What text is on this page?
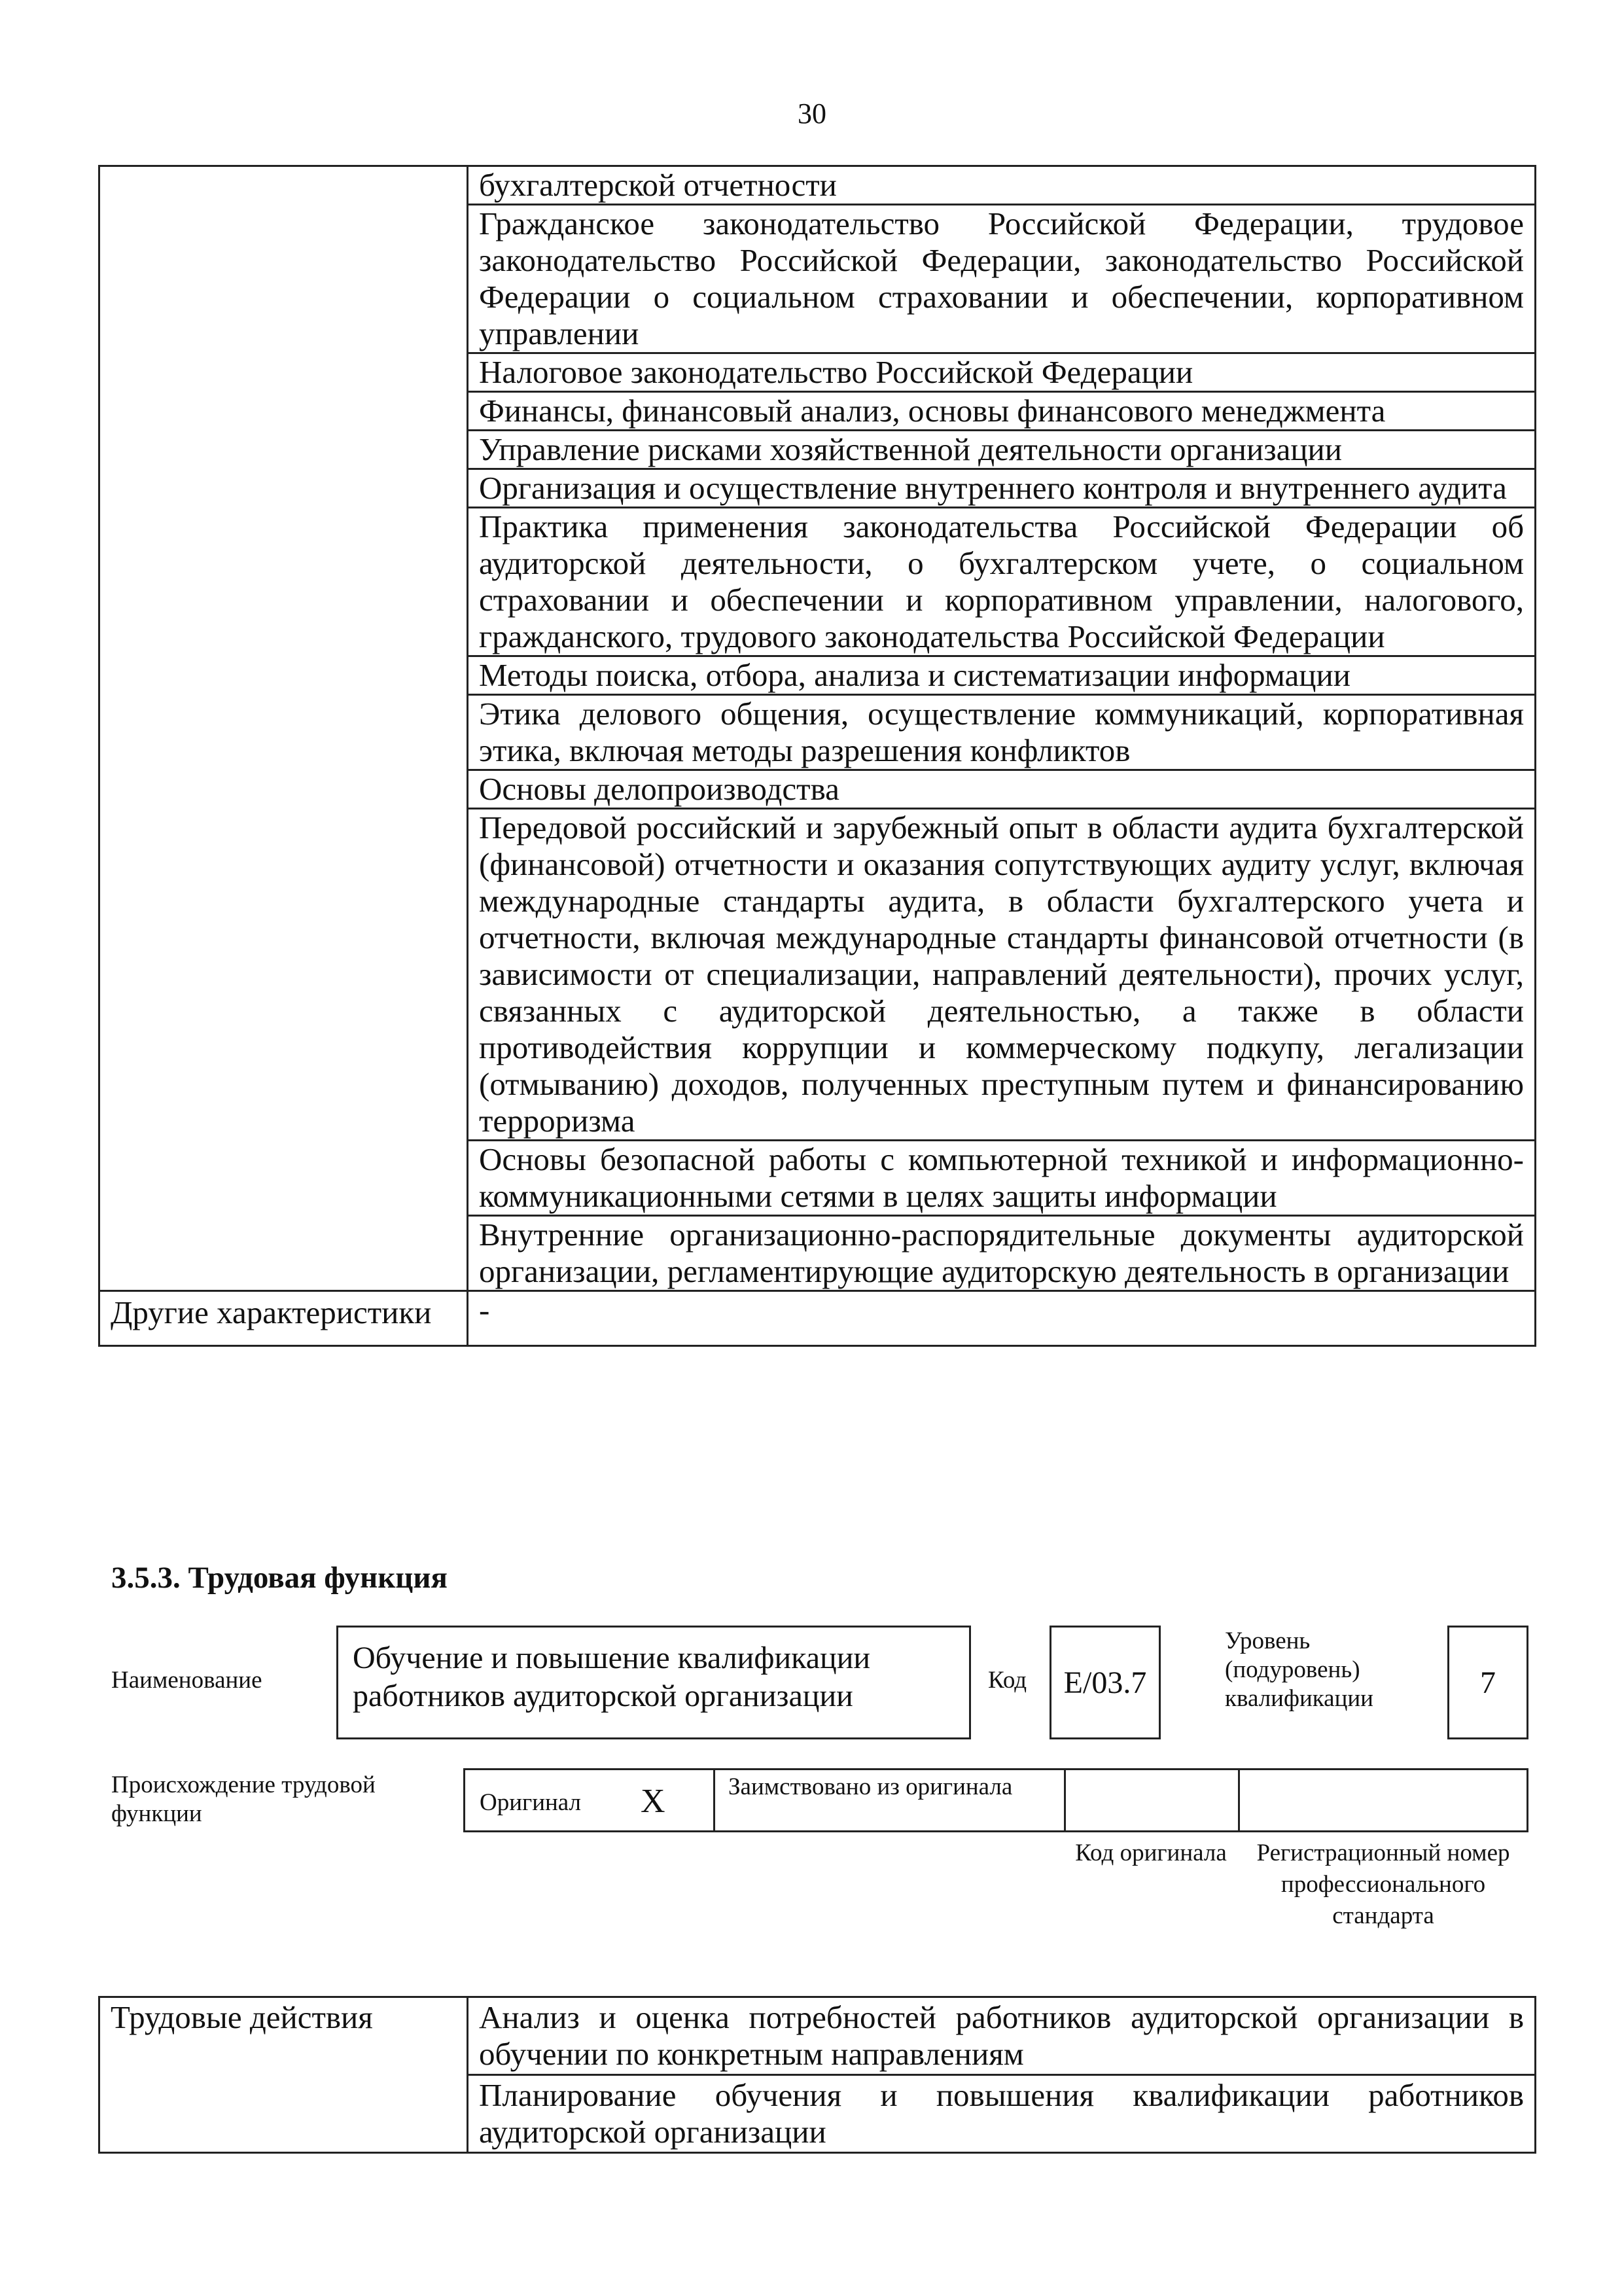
30
	бухгалтерской отчетности
	Гражданское законодательство Российской Федерации, трудовое законодательство Российской Федерации, законодательство Российской Федерации о социальном страховании и обеспечении, корпоративном управлении
	Налоговое законодательство Российской Федерации
	Финансы, финансовый анализ, основы финансового менеджмента
	Управление рисками хозяйственной деятельности организации
	Организация и осуществление внутреннего контроля и внутреннего аудита
	Практика применения законодательства Российской Федерации об аудиторской деятельности, о бухгалтерском учете, о социальном страховании и обеспечении и корпоративном управлении, налогового, гражданского, трудового законодательства Российской Федерации
	Методы поиска, отбора, анализа и систематизации информации
	Этика делового общения, осуществление коммуникаций, корпоративная этика, включая методы разрешения конфликтов
	Основы делопроизводства
	Передовой российский и зарубежный опыт в области аудита бухгалтерской (финансовой) отчетности и оказания сопутствующих аудиту услуг, включая международные стандарты аудита, в области бухгалтерского учета и отчетности, включая международные стандарты финансовой отчетности (в зависимости от специализации, направлений деятельности), прочих услуг, связанных с аудиторской деятельностью, а также в области противодействия коррупции и коммерческому подкупу, легализации (отмыванию) доходов, полученных преступным путем и финансированию терроризма
	Основы безопасной работы с компьютерной техникой и информационно-коммуникационными сетями в целях защиты информации
	Внутренние организационно-распорядительные документы аудиторской организации, регламентирующие аудиторскую деятельность в организации

Другие характеристики	-
3.5.3. Трудовая функция
Наименование
Обучение и повышение квалификации работников аудиторской организации	Код E/03.7
Уровень (подуровень) квалификации	7
Происхождение трудовой функции	Оригинал X	Заимствовано из оригинала
Код оригинала	Регистрационный номер профессионального стандарта
Трудовые действия	Анализ и оценка потребностей работников аудиторской организации в обучении по конкретным направлениям
Планирование обучения и повышения квалификации работников аудиторской организации
